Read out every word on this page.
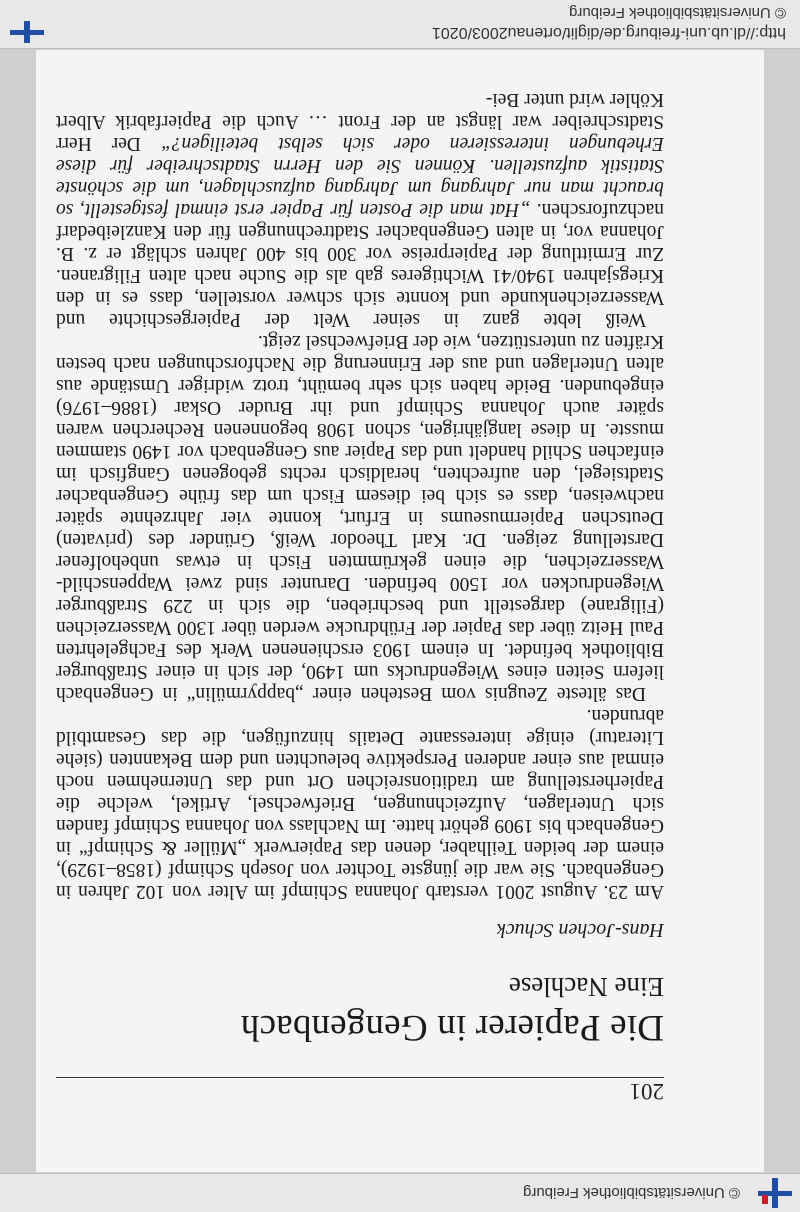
© Universitätsbibliothek Freiburg
201
Die Papierer in Gengenbach
Eine Nachlese
Hans-Jochen Schuck

Am 23. August 2001 verstarb Johanna Schimpf im Alter von 102 Jahren in Gengenbach. Sie war die jüngste Tochter von Joseph Schimpf (1858–1929), einem der beiden Teilhaber, denen das Papierwerk „Müller & Schimpf“ in Gengenbach bis 1909 gehört hatte. Im Nachlass von Johanna Schimpf fanden sich Unterlagen, Aufzeichnungen, Briefwechsel, Artikel, welche die Papierherstellung am traditionsreichen Ort und das Unternehmen noch einmal aus einer anderen Perspektive beleuchten und dem Bekannten (siehe Literatur) einige interessante Details hinzufügen, die das Gesamtbild abrunden.

Das älteste Zeugnis vom Bestehen einer „bappyrmülin“ in Gengenbach liefern Seiten eines Wiegendrucks um 1490, der sich in einer Straßburger Bibliothek befindet. In einem 1903 erschienenen Werk des Fachgelehrten Paul Heitz über das Papier der Frühdrucke werden über 1300 Wasserzeichen (Filigrane) dargestellt und beschrieben, die sich in 229 Straßburger Wiegendrucken vor 1500 befinden. Darunter sind zwei Wappenschild-Wasserzeichen, die einen gekrümmten Fisch in etwas unbeholfener Darstellung zeigen. Dr. Karl Theodor Weiß, Gründer des (privaten) Deutschen Papiermuseums in Erfurt, konnte vier Jahrzehnte später nachweisen, dass es sich bei diesem Fisch um das frühe Gengenbacher Stadtsiegel, den aufrechten, heraldisch rechts gebogenen Gangfisch im einfachen Schild handelt und das Papier aus Gengenbach vor 1490 stammen musste. In diese langjährigen, schon 1908 begonnenen Recherchen waren später auch Johanna Schimpf und ihr Bruder Oskar (1886–1976) eingebunden. Beide haben sich sehr bemüht, trotz widriger Umstände aus alten Unterlagen und aus der Erinnerung die Nachforschungen nach besten Kräften zu unterstützen, wie der Briefwechsel zeigt.

Weiß lebte ganz in seiner Welt der Papiergeschichte und Wasserzeichenkunde und konnte sich schwer vorstellen, dass es in den Kriegsjahren 1940/41 Wichtigeres gab als die Suche nach alten Filigranen. Zur Ermittlung der Papierpreise vor 300 bis 400 Jahren schlägt er z. B. Johanna vor, in alten Gengenbacher Stadtrechnungen für den Kanzleibedarf nachzuforschen. „Hat man die Posten für Papier erst einmal festgestellt, so braucht man nur Jahrgang um Jahrgang aufzuschlagen, um die schönste Statistik aufzustellen. Können Sie den Herrn Stadtschreiber für diese Erhebungen interessieren oder sich selbst beteiligen?“ Der Herr Stadtschreiber war längst an der Front … Auch die Papierfabrik Albert Köhler wird unter Bei-

http://dl.ub.uni-freiburg.de/diglit/ortenau2003/0201
© Universitätsbibliothek Freiburg
